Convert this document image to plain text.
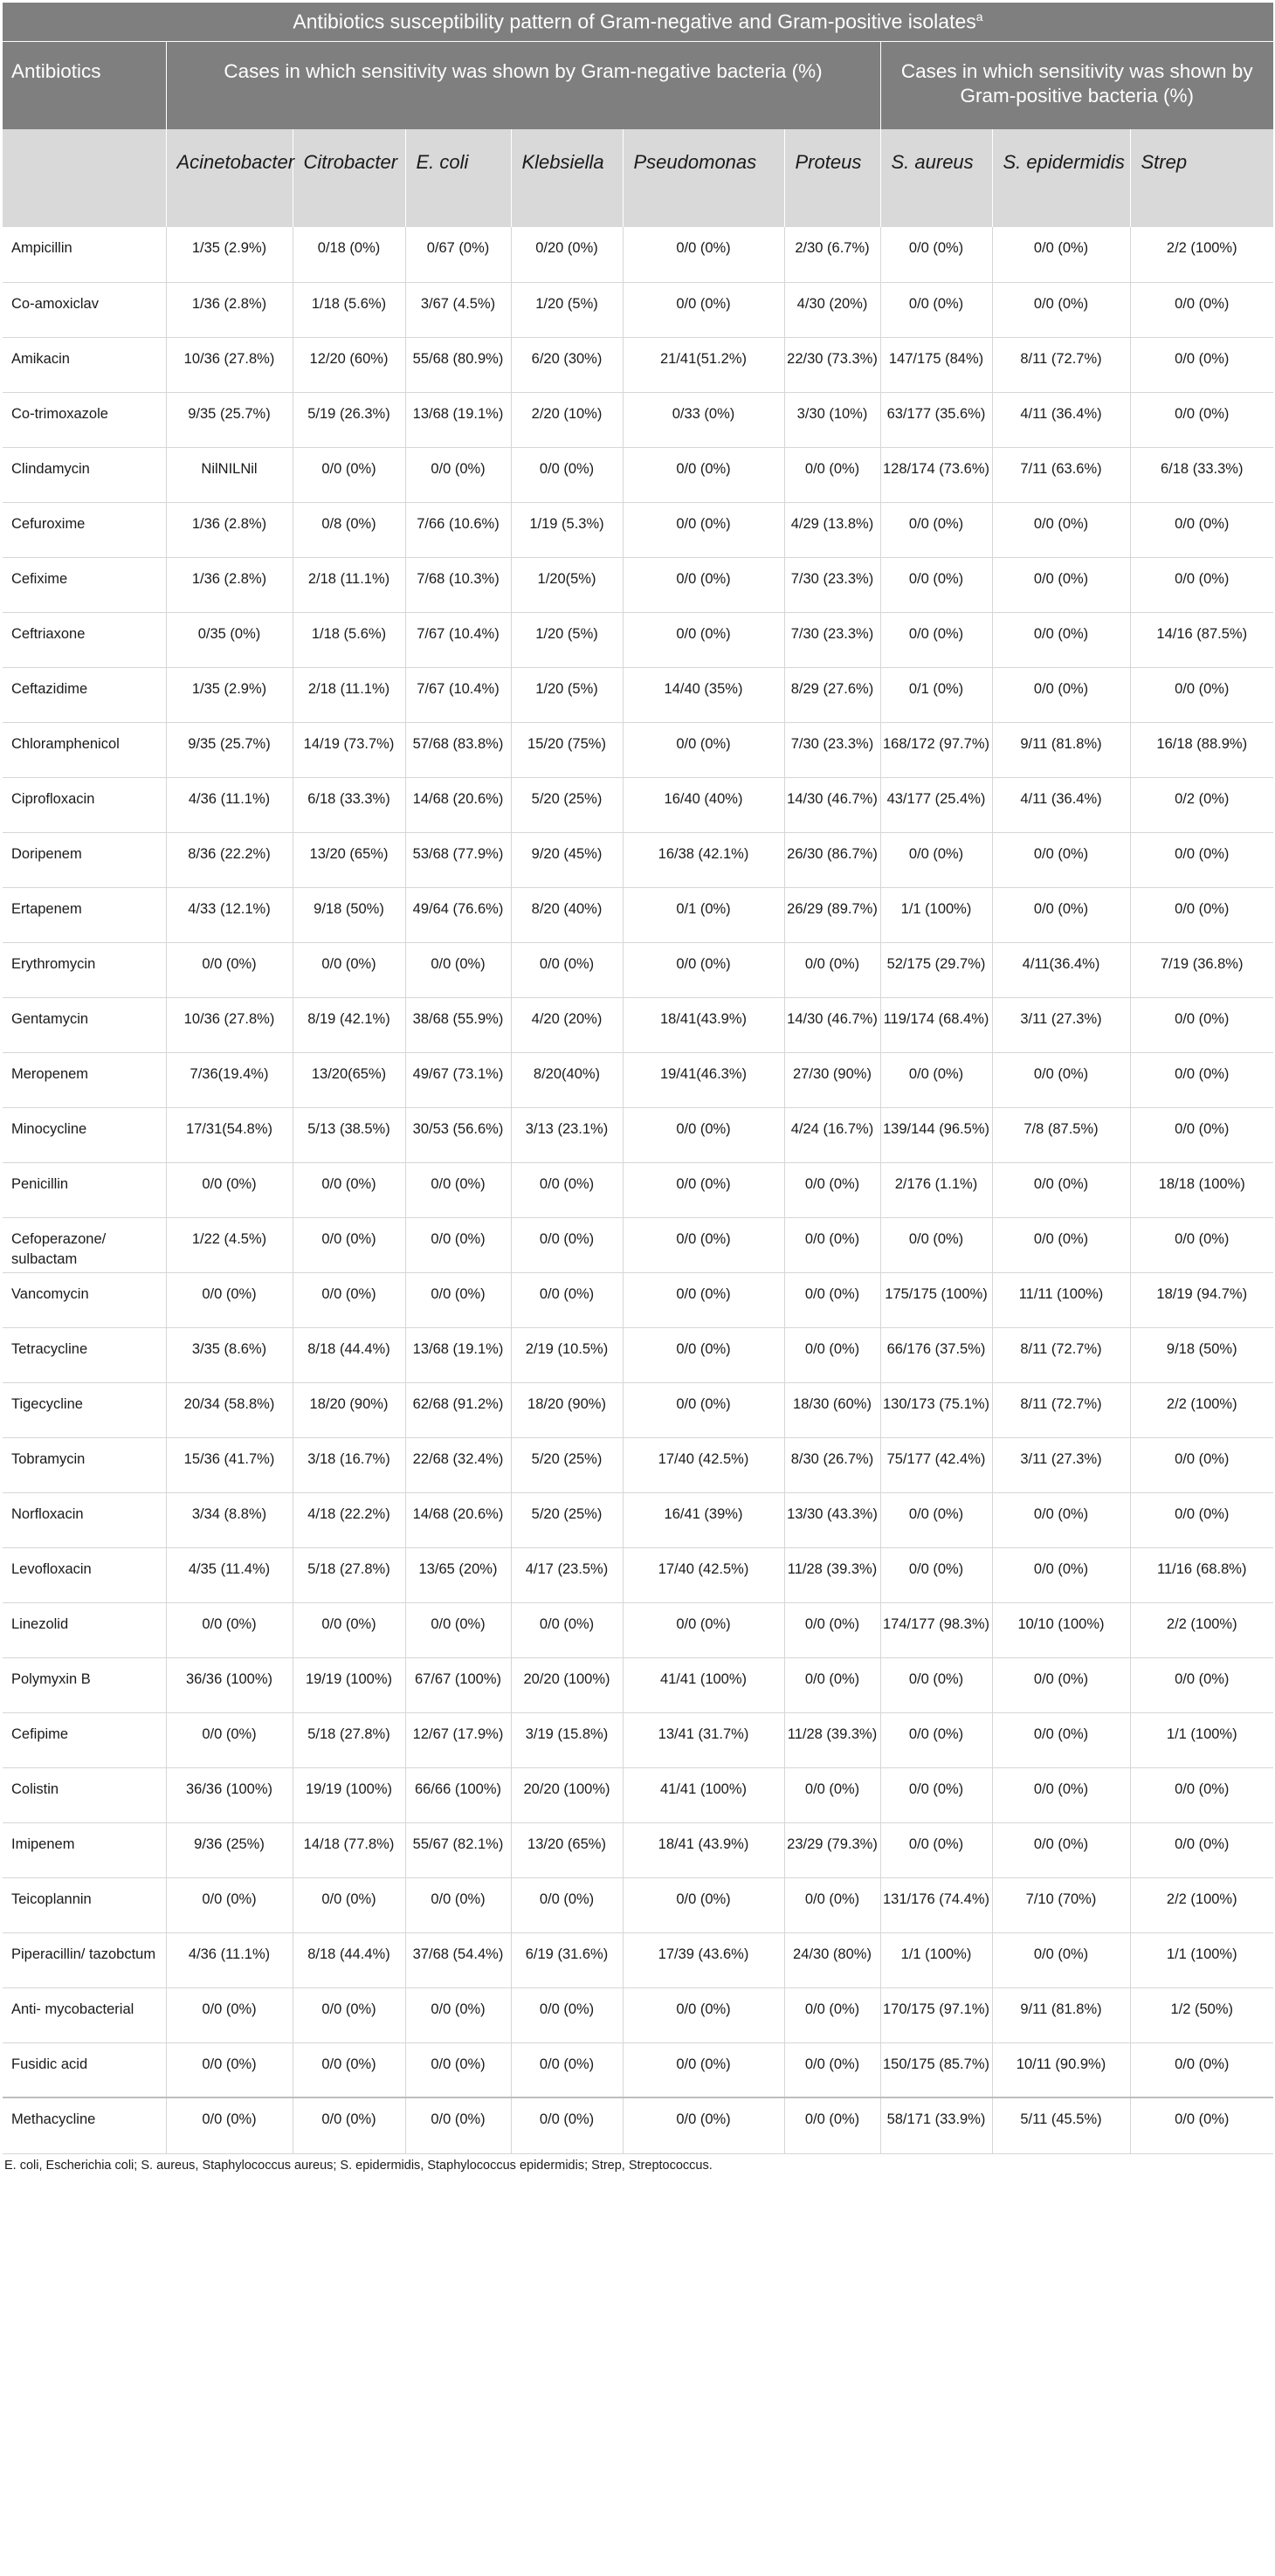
Antibiotics susceptibility pattern of Gram-negative and Gram-positive isolates$^a$
Antibiotics	Cases in which sensitivity was shown by Gram-negative bacteria (%)						Cases in which sensitivity was shown by Gram-positive bacteria (%)		
	Acinetobacter	Citrobacter	E. coli	Klebsiella	Pseudomonas	Proteus	S. aureus	S. epidermidis	Strep
Ampicillin	1/35 (2.9%)	0/18 (0%)	0/67 (0%)	0/20 (0%)	0/0 (0%)	2/30 (6.7%)	0/0 (0%)	0/0 (0%)	2/2 (100%)
Co-amoxiclav	1/36 (2.8%)	1/18 (5.6%)	3/67 (4.5%)	1/20 (5%)	0/0 (0%)	4/30 (20%)	0/0 (0%)	0/0 (0%)	0/0 (0%)
Amikacin	10/36 (27.8%)	12/20 (60%)	55/68 (80.9%)	6/20 (30%)	21/41(51.2%)	22/30 (73.3%)	147/175 (84%)	8/11 (72.7%)	0/0 (0%)
Co-trimoxazole	9/35 (25.7%)	5/19 (26.3%)	13/68 (19.1%)	2/20 (10%)	0/33 (0%)	3/30 (10%)	63/177 (35.6%)	4/11 (36.4%)	0/0 (0%)
Clindamycin	NilNILNil	0/0 (0%)	0/0 (0%)	0/0 (0%)	0/0 (0%)	0/0 (0%)	128/174 (73.6%)	7/11 (63.6%)	6/18 (33.3%)
Cefuroxime	1/36 (2.8%)	0/8 (0%)	7/66 (10.6%)	1/19 (5.3%)	0/0 (0%)	4/29 (13.8%)	0/0 (0%)	0/0 (0%)	0/0 (0%)
Cefixime	1/36 (2.8%)	2/18 (11.1%)	7/68 (10.3%)	1/20(5%)	0/0 (0%)	7/30 (23.3%)	0/0 (0%)	0/0 (0%)	0/0 (0%)
Ceftriaxone	0/35 (0%)	1/18 (5.6%)	7/67 (10.4%)	1/20 (5%)	0/0 (0%)	7/30 (23.3%)	0/0 (0%)	0/0 (0%)	14/16 (87.5%)
Ceftazidime	1/35 (2.9%)	2/18 (11.1%)	7/67 (10.4%)	1/20 (5%)	14/40 (35%)	8/29 (27.6%)	0/1 (0%)	0/0 (0%)	0/0 (0%)
Chloramphenicol	9/35 (25.7%)	14/19 (73.7%)	57/68 (83.8%)	15/20 (75%)	0/0 (0%)	7/30 (23.3%)	168/172 (97.7%)	9/11 (81.8%)	16/18 (88.9%)
Ciprofloxacin	4/36 (11.1%)	6/18 (33.3%)	14/68 (20.6%)	5/20 (25%)	16/40 (40%)	14/30 (46.7%)	43/177 (25.4%)	4/11 (36.4%)	0/2 (0%)
Doripenem	8/36 (22.2%)	13/20 (65%)	53/68 (77.9%)	9/20 (45%)	16/38 (42.1%)	26/30 (86.7%)	0/0 (0%)	0/0 (0%)	0/0 (0%)
Ertapenem	4/33 (12.1%)	9/18 (50%)	49/64 (76.6%)	8/20 (40%)	0/1 (0%)	26/29 (89.7%)	1/1 (100%)	0/0 (0%)	0/0 (0%)
Erythromycin	0/0 (0%)	0/0 (0%)	0/0 (0%)	0/0 (0%)	0/0 (0%)	0/0 (0%)	52/175 (29.7%)	4/11(36.4%)	7/19 (36.8%)
Gentamycin	10/36 (27.8%)	8/19 (42.1%)	38/68 (55.9%)	4/20 (20%)	18/41(43.9%)	14/30 (46.7%)	119/174 (68.4%)	3/11 (27.3%)	0/0 (0%)
Meropenem	7/36(19.4%)	13/20(65%)	49/67 (73.1%)	8/20(40%)	19/41(46.3%)	27/30 (90%)	0/0 (0%)	0/0 (0%)	0/0 (0%)
Minocycline	17/31(54.8%)	5/13 (38.5%)	30/53 (56.6%)	3/13 (23.1%)	0/0 (0%)	4/24 (16.7%)	139/144 (96.5%)	7/8 (87.5%)	0/0 (0%)
Penicillin	0/0 (0%)	0/0 (0%)	0/0 (0%)	0/0 (0%)	0/0 (0%)	0/0 (0%)	2/176 (1.1%)	0/0 (0%)	18/18 (100%)
Cefoperazone/ sulbactam	1/22 (4.5%)	0/0 (0%)	0/0 (0%)	0/0 (0%)	0/0 (0%)	0/0 (0%)	0/0 (0%)	0/0 (0%)	0/0 (0%)
Vancomycin	0/0 (0%)	0/0 (0%)	0/0 (0%)	0/0 (0%)	0/0 (0%)	0/0 (0%)	175/175 (100%)	11/11 (100%)	18/19 (94.7%)
Tetracycline	3/35 (8.6%)	8/18 (44.4%)	13/68 (19.1%)	2/19 (10.5%)	0/0 (0%)	0/0 (0%)	66/176 (37.5%)	8/11 (72.7%)	9/18 (50%)
Tigecycline	20/34 (58.8%)	18/20 (90%)	62/68 (91.2%)	18/20 (90%)	0/0 (0%)	18/30 (60%)	130/173 (75.1%)	8/11 (72.7%)	2/2 (100%)
Tobramycin	15/36 (41.7%)	3/18 (16.7%)	22/68 (32.4%)	5/20 (25%)	17/40 (42.5%)	8/30 (26.7%)	75/177 (42.4%)	3/11 (27.3%)	0/0 (0%)
Norfloxacin	3/34 (8.8%)	4/18 (22.2%)	14/68 (20.6%)	5/20 (25%)	16/41 (39%)	13/30 (43.3%)	0/0 (0%)	0/0 (0%)	0/0 (0%)
Levofloxacin	4/35 (11.4%)	5/18 (27.8%)	13/65 (20%)	4/17 (23.5%)	17/40 (42.5%)	11/28 (39.3%)	0/0 (0%)	0/0 (0%)	11/16 (68.8%)
Linezolid	0/0 (0%)	0/0 (0%)	0/0 (0%)	0/0 (0%)	0/0 (0%)	0/0 (0%)	174/177 (98.3%)	10/10 (100%)	2/2 (100%)
Polymyxin B	36/36 (100%)	19/19 (100%)	67/67 (100%)	20/20 (100%)	41/41 (100%)	0/0 (0%)	0/0 (0%)	0/0 (0%)	0/0 (0%)
Cefipime	0/0 (0%)	5/18 (27.8%)	12/67 (17.9%)	3/19 (15.8%)	13/41 (31.7%)	11/28 (39.3%)	0/0 (0%)	0/0 (0%)	1/1 (100%)
Colistin	36/36 (100%)	19/19 (100%)	66/66 (100%)	20/20 (100%)	41/41 (100%)	0/0 (0%)	0/0 (0%)	0/0 (0%)	0/0 (0%)
Imipenem	9/36 (25%)	14/18 (77.8%)	55/67 (82.1%)	13/20 (65%)	18/41 (43.9%)	23/29 (79.3%)	0/0 (0%)	0/0 (0%)	0/0 (0%)
Teicoplannin	0/0 (0%)	0/0 (0%)	0/0 (0%)	0/0 (0%)	0/0 (0%)	0/0 (0%)	131/176 (74.4%)	7/10 (70%)	2/2 (100%)
Piperacillin/ tazobctum	4/36 (11.1%)	8/18 (44.4%)	37/68 (54.4%)	6/19 (31.6%)	17/39 (43.6%)	24/30 (80%)	1/1 (100%)	0/0 (0%)	1/1 (100%)
Anti- mycobacterial	0/0 (0%)	0/0 (0%)	0/0 (0%)	0/0 (0%)	0/0 (0%)	0/0 (0%)	170/175 (97.1%)	9/11 (81.8%)	1/2 (50%)
Fusidic acid	0/0 (0%)	0/0 (0%)	0/0 (0%)	0/0 (0%)	0/0 (0%)	0/0 (0%)	150/175 (85.7%)	10/11 (90.9%)	0/0 (0%)
Methacycline	0/0 (0%)	0/0 (0%)	0/0 (0%)	0/0 (0%)	0/0 (0%)	0/0 (0%)	58/171 (33.9%)	5/11 (45.5%)	0/0 (0%)
E. coli, Escherichia coli; S. aureus, Staphylococcus aureus; S. epidermidis, Staphylococcus epidermidis; Strep, Streptococcus.
